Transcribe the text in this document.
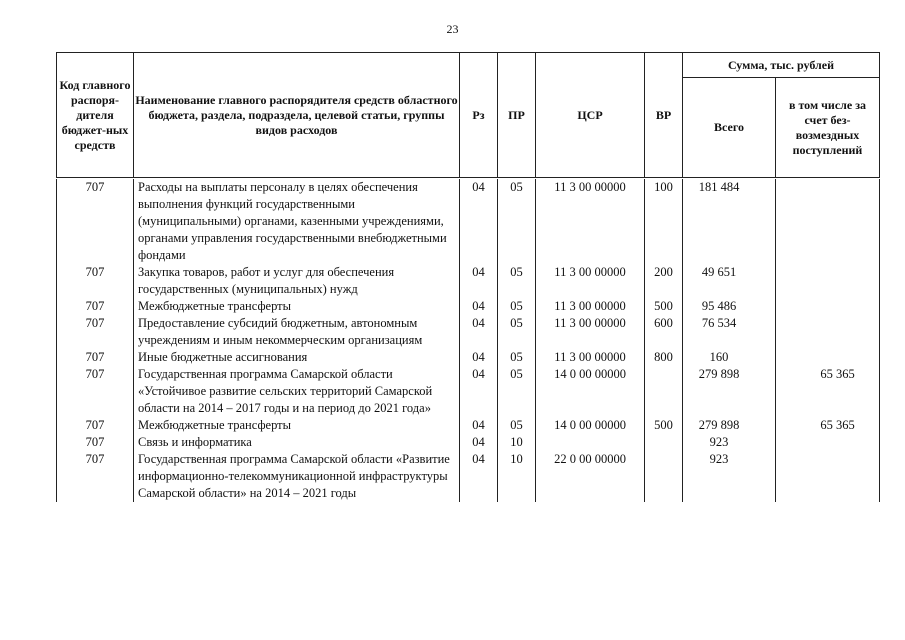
23
Код главного распоря-дителя бюджет-ных средств	Наименование главного распорядителя средств областного бюджета, раздела, подраздела, целевой статьи, группы видов расходов	Рз	ПР	ЦСР	ВР	Сумма, тыс. рублей	
						Всего	в том числе за счет без-возмездных поступлений
707	Расходы на выплаты персоналу в целях обеспечения выполнения функций государственными (муниципальными) органами, казенными учреждениями, органами управления государственными внебюджетными фондами	04	05	11 3 00 00000	100	181 484	
707	Закупка товаров, работ и услуг для обеспечения государственных (муниципальных) нужд	04	05	11 3 00 00000	200	49 651	
707	Межбюджетные трансферты	04	05	11 3 00 00000	500	95 486	
707	Предоставление субсидий бюджетным, автономным учреждениям и иным некоммерческим организациям	04	05	11 3 00 00000	600	76 534	
707	Иные бюджетные ассигнования	04	05	11 3 00 00000	800	160	
707	Государственная программа Самарской области «Устойчивое развитие сельских территорий Самарской области на 2014 – 2017 годы и на период до 2021 года»	04	05	14 0 00 00000		279 898	65 365
707	Межбюджетные трансферты	04	05	14 0 00 00000	500	279 898	65 365
707	Связь и информатика	04	10			923	
707	Государственная программа Самарской области «Развитие информационно-телекоммуникационной инфраструктуры Самарской области» на 2014 – 2021 годы	04	10	22 0 00 00000		923	
